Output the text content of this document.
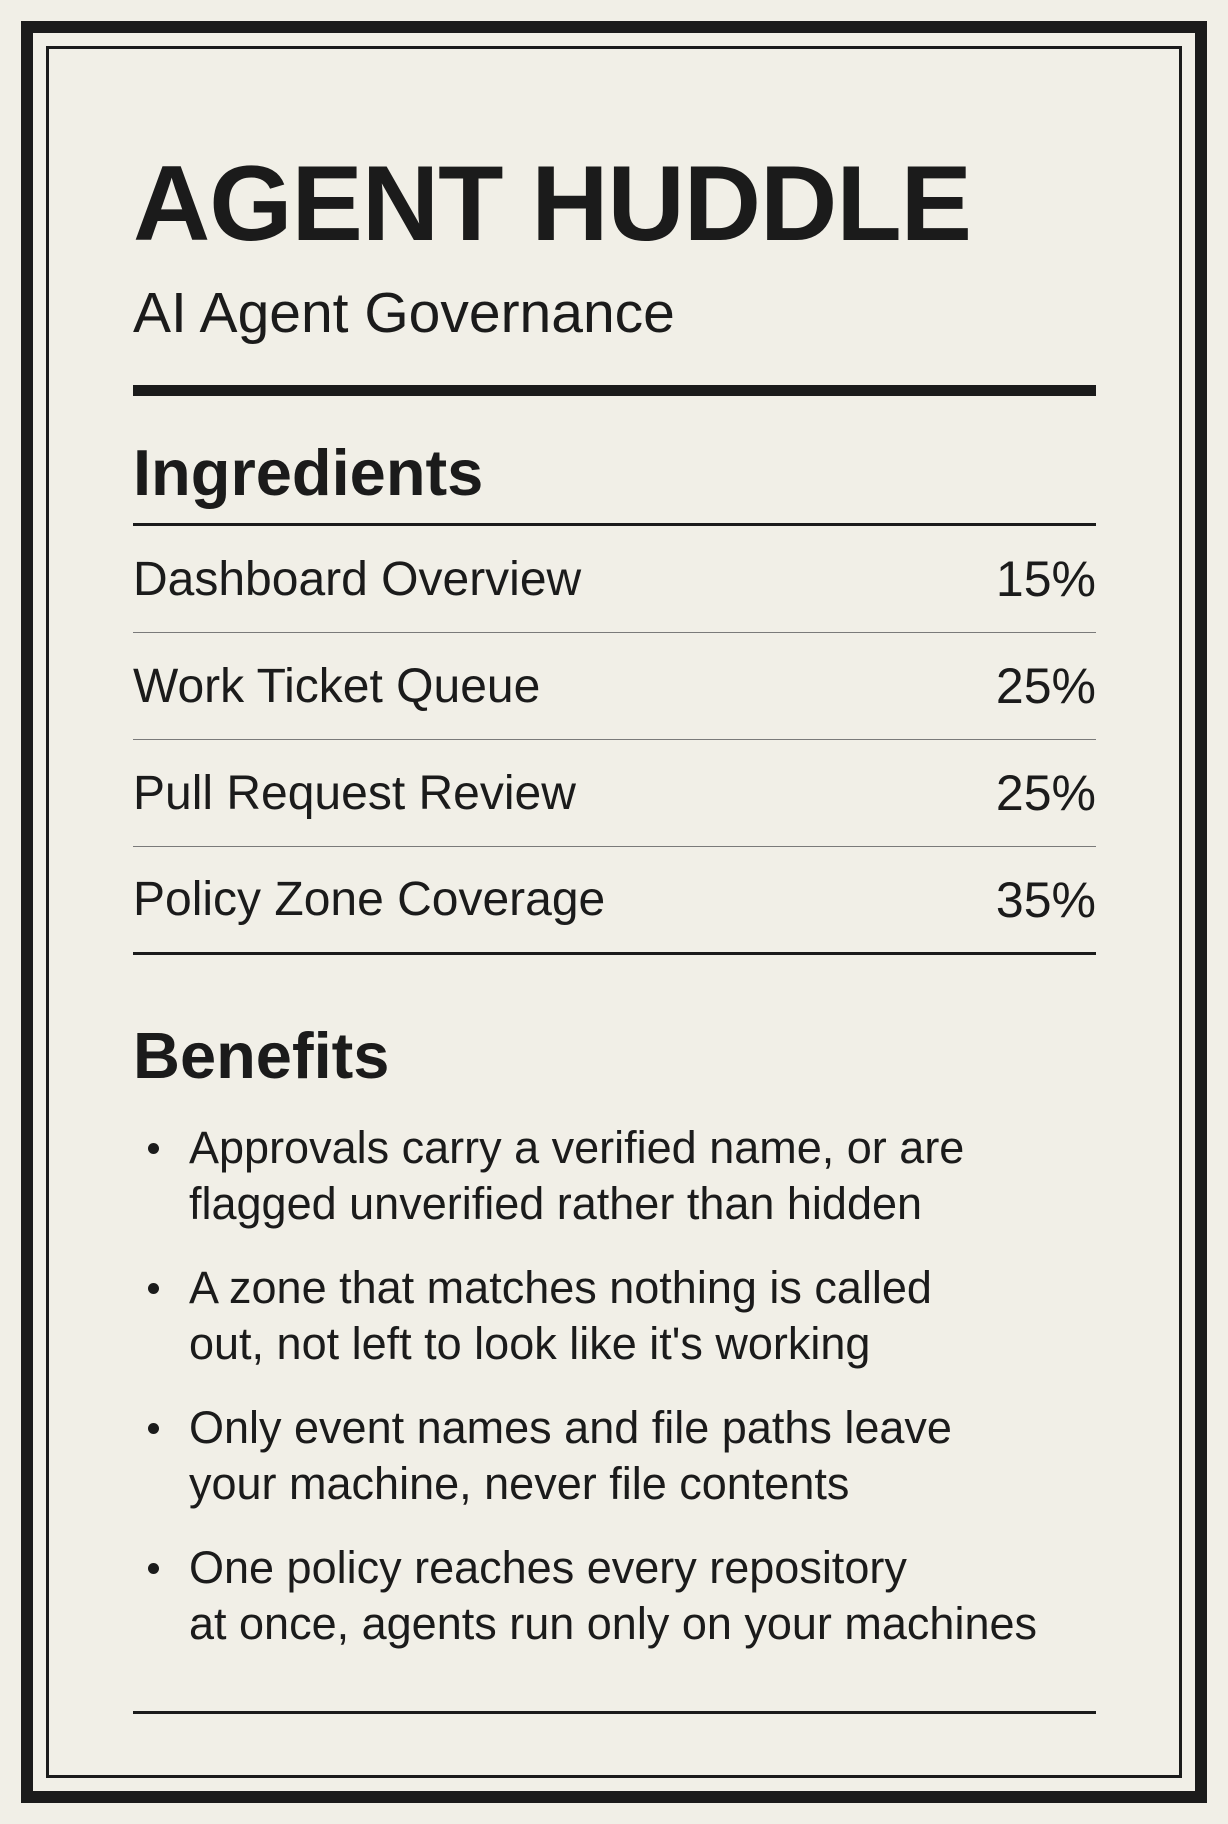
AGENT HUDDLE
AI Agent Governance
Ingredients
Dashboard Overview	15%
Work Ticket Queue	25%
Pull Request Review	25%
Policy Zone Coverage	35%
Benefits
Approvals carry a verified name, or are
flagged unverified rather than hidden
A zone that matches nothing is called
out, not left to look like it's working
Only event names and file paths leave
your machine, never file contents
One policy reaches every repository
at once, agents run only on your machines
